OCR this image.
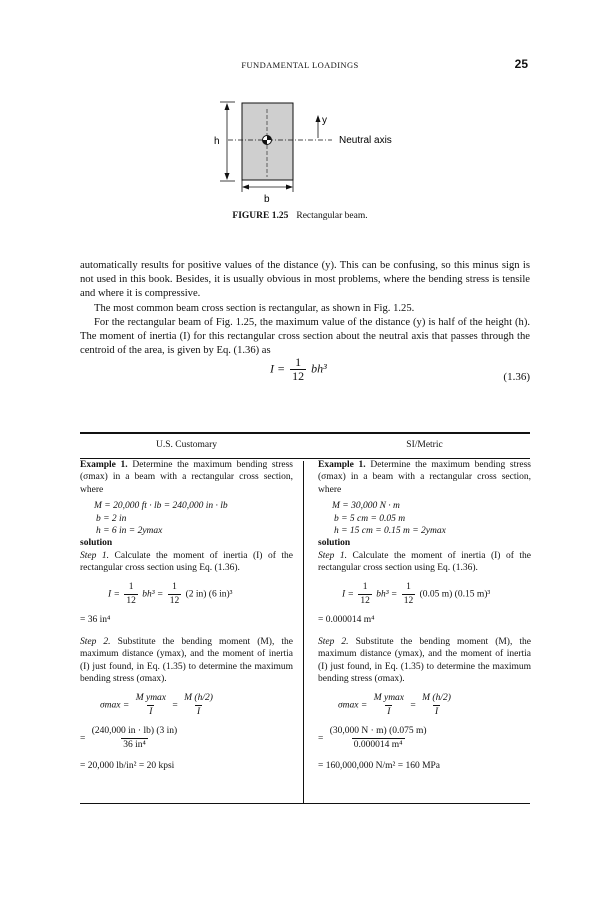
FUNDAMENTAL LOADINGS	25
h
b
y
Neutral axis
FIGURE 1.25 Rectangular beam.

automatically results for positive values of the distance (y). This can be confusing, so this minus sign is not used in this book. Besides, it is usually obvious in most problems, where the bending stress is tensile and where it is compressive.

The most common beam cross section is rectangular, as shown in Fig. 1.25.

For the rectangular beam of Fig. 1.25, the maximum value of the distance (y) is half of the height (h). The moment of inertia (I) for this rectangular cross section about the neutral axis that passes through the centroid of the area, is given by Eq. (1.36) as

$I = \frac{1}{12} bh^3$
(1.36)

U.S. Customary

Example 1. Determine the maximum bending stress (σmax) in a beam with a rectangular cross section, where

M = 20,000 ft · lb = 240,000 in · lb

b = 2 in

h = 6 in = 2ymax

solution

Step 1. Calculate the moment of inertia (I) of the rectangular cross section using Eq. (1.36).

$I = \frac{1}{12} bh^3 = \frac{1}{12} (2$ in) (6 in)³

= 36 in⁴

Step 2. Substitute the bending moment (M), the maximum distance (ymax), and the moment of inertia (I) just found, in Eq. (1.35) to determine the maximum bending stress (σmax).

$\sigma\max = \frac{\text{M ymax}}{I} = \frac{M (h/2)}{I}$

= $\frac{(240,000 in \cdot lb) (3 in)}{\text{36 in⁴}}$

= 20,000 lb/in² = 20 kpsi

SI/Metric

Example 1. Determine the maximum bending stress (σmax) in a beam with a rectangular cross section, where

M = 30,000 N · m

b = 5 cm = 0.05 m

h = 15 cm = 0.15 m = 2ymax

solution

Step 1. Calculate the moment of inertia (I) of the rectangular cross section using Eq. (1.36).

$I = \frac{1}{12} bh^3 = \frac{1}{12} (0.05$ m) (0.15 m)³

= 0.000014 m⁴

Step 2. Substitute the bending moment (M), the maximum distance (ymax), and the moment of inertia (I) just found, in Eq. (1.35) to determine the maximum bending stress (σmax).

$\sigma\max = \frac{\text{M ymax}}{I} = \frac{M (h/2)}{I}$

= $\frac{(30,000 N \cdot m) (0.075 m)}{\text{0.000014 m⁴}}$

= 160,000,000 N/m² = 160 MPa
